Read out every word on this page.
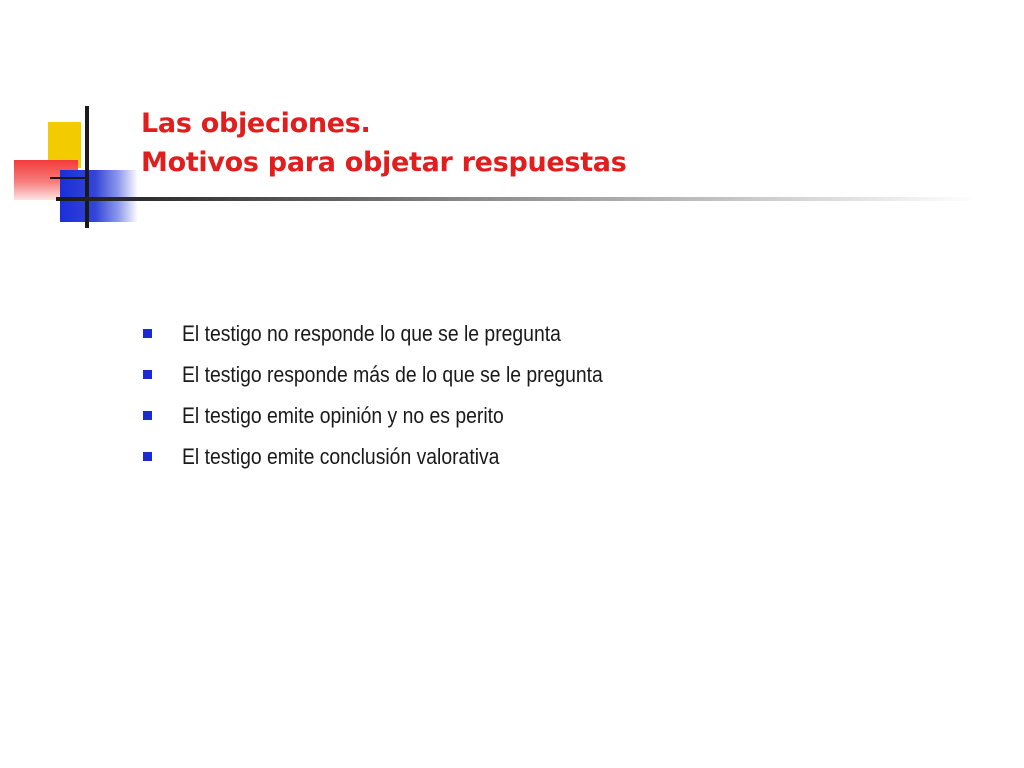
Las objeciones.
Motivos para objetar respuestas
El testigo no responde lo que se le pregunta
El testigo responde más de lo que se le pregunta
El testigo emite opinión y no es perito
El testigo emite conclusión valorativa
